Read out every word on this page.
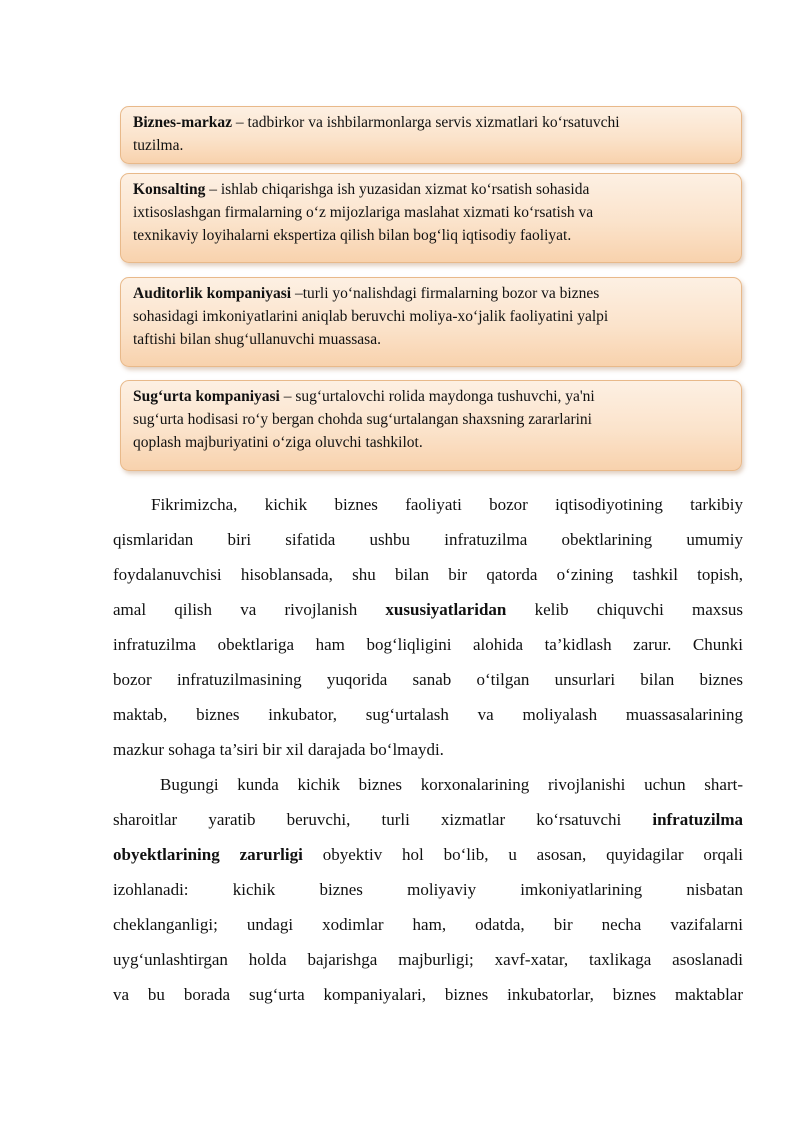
Biznes-markaz – tadbirkor va ishbilarmonlarga servis xizmatlari ko‘rsatuvchi
tuzilma.
Konsalting – ishlab chiqarishga ish yuzasidan xizmat ko‘rsatish sohasida
ixtisoslashgan firmalarning o‘z mijozlariga maslahat xizmati ko‘rsatish va
texnikaviy loyihalarni ekspertiza qilish bilan bog‘liq iqtisodiy faoliyat.
Auditorlik kompaniyasi –turli yo‘nalishdagi firmalarning bozor va biznes
sohasidagi imkoniyatlarini aniqlab beruvchi moliya-xo‘jalik faoliyatini yalpi
taftishi bilan shug‘ullanuvchi muassasa.
Sug‘urta kompaniyasi – sug‘urtalovchi rolida maydonga tushuvchi, ya'ni
sug‘urta hodisasi ro‘y bergan chohda sug‘urtalangan shaxsning zararlarini
qoplash majburiyatini o‘ziga oluvchi tashkilot.
Fikrimizcha, kichik biznes faoliyati bozor iqtisodiyotining tarkibiy
qismlaridan biri sifatida ushbu infratuzilma obektlarining umumiy
foydalanuvchisi hisoblansada, shu bilan bir qatorda o‘zining tashkil topish,
amal qilish va rivojlanish xususiyatlaridan kelib chiquvchi maxsus
infratuzilma obektlariga ham bog‘liqligini alohida ta’kidlash zarur. Chunki
bozor infratuzilmasining yuqorida sanab o‘tilgan unsurlari bilan biznes
maktab, biznes inkubator, sug‘urtalash va moliyalash muassasalarining
mazkur sohaga ta’siri bir xil darajada bo‘lmaydi.
Bugungi kunda kichik biznes korxonalarining rivojlanishi uchun shart-
sharoitlar yaratib beruvchi, turli xizmatlar ko‘rsatuvchi infratuzilma
obyektlarining zarurligi obyektiv hol bo‘lib, u asosan, quyidagilar orqali
izohlanadi: kichik biznes moliyaviy imkoniyatlarining nisbatan
cheklanganligi; undagi xodimlar ham, odatda, bir necha vazifalarni
uyg‘unlashtirgan holda bajarishga majburligi; xavf-xatar, taxlikaga asoslanadi
va bu borada sug‘urta kompaniyalari, biznes inkubatorlar, biznes maktablar
